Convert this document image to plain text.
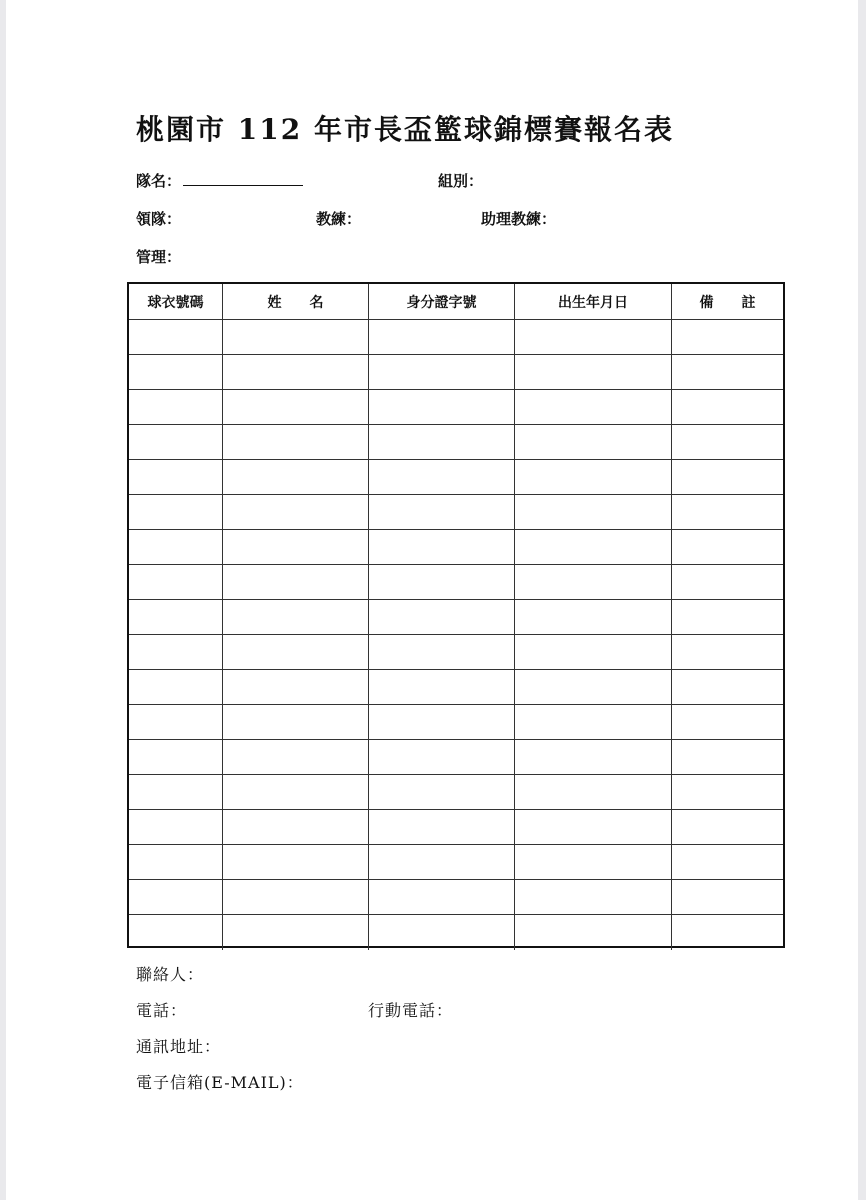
桃園市 112 年市長盃籃球錦標賽報名表
隊名：	組別：
領隊：	教練：	助理教練：
管理：
球衣號碼	姓　　名	身分證字號	出生年月日	備　　註
聯絡人：
電話：	行動電話：
通訊地址：
電子信箱(E-MAIL)：
